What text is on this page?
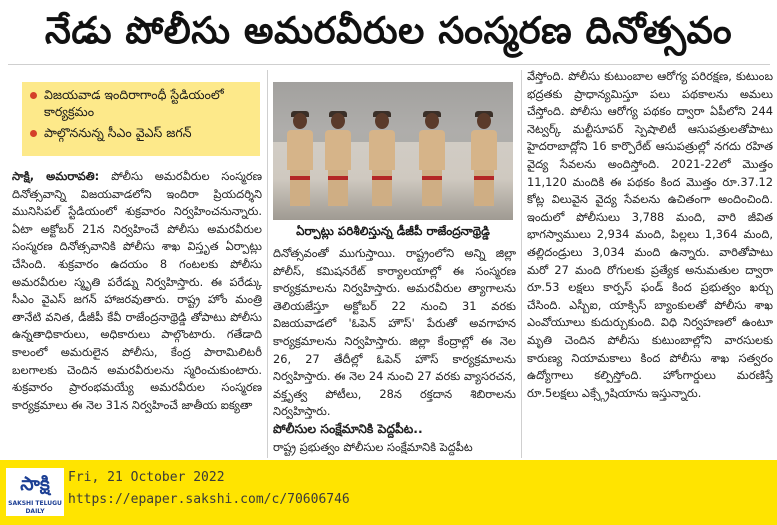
నేడు పోలీసు అమరవీరుల సంస్మరణ దినోత్సవం
విజయవాడ ఇందిరాగాంధీ స్టేడియంలో కార్యక్రమం
పాల్గొననున్న సీఎం వైఎస్ జగన్

సాక్షి, అమరావతి: పోలీసు అమరవీరుల సంస్మరణ దినోత్సవాన్ని విజయవాడలోని ఇందిరా ప్రియదర్శిని మునిసిపల్ స్టేడియంలో శుక్రవారం నిర్వహించనున్నారు. ఏటా అక్టోబర్ 21న నిర్వహించే పోలీసు అమరవీరుల సంస్మరణ దినోత్సవానికి పోలీసు శాఖ విస్తృత ఏర్పాట్లు చేసింది. శుక్రవారం ఉదయం 8 గంటలకు పోలీసు అమరవీరుల స్మృతి పరేడ్ను నిర్వహిస్తారు. ఈ పరేడ్కు సీఎం వైఎస్ జగన్ హాజరవుతారు. రాష్ట్ర హోం మంత్రి తానేటి వనిత, డీజీపీ కేవీ రాజేంద్రనాథ్రెడ్డి తోపాటు పోలీసు ఉన్నతాధికారులు, అధికారులు పాల్గొంటారు. గతేడాది కాలంలో అమరులైన పోలీసు, కేంద్ర పారామిలిటరీ బలగాలకు చెందిన అమరవీరులను స్మరించుకుంటారు. శుక్రవారం ప్రారంభమయ్యే అమరవీరుల సంస్మరణ కార్యక్రమాలు ఈ నెల 31న నిర్వహించే జాతీయ ఐక్యతా

ఏర్పాట్లు పరిశీలిస్తున్న డీజీపీ రాజేంద్రనాథ్రెడ్డి

దినోత్సవంతో ముగుస్తాయి. రాష్ట్రంలోని అన్ని జిల్లా పోలీస్, కమిషనరేట్ కార్యాలయాల్లో ఈ సంస్మరణ కార్యక్రమాలను నిర్వహిస్తారు. అమరవీరుల త్యాగాలను తెలియజేస్తూ అక్టోబర్ 22 నుంచి 31 వరకు విజయవాడలో 'ఓపెన్ హౌస్' పేరుతో అవగాహన కార్యక్రమాలను నిర్వహిస్తారు. జిల్లా కేంద్రాల్లో ఈ నెల 26, 27 తేదీల్లో ఓపెన్ హౌస్ కార్యక్రమాలను నిర్వహిస్తారు. ఈ నెల 24 నుంచి 27 వరకు వ్యాసరచన, వక్తృత్వ పోటీలు, 28న రక్తదాన శిబిరాలను నిర్వహిస్తారు.

పోలీసుల సంక్షేమానికి పెద్దపీట..

రాష్ట్ర ప్రభుత్వం పోలీసుల సంక్షేమానికి పెద్దపీట

వేస్తోంది. పోలీసు కుటుంబాల ఆరోగ్య పరిరక్షణ, కుటుంబ భద్రతకు ప్రాధాన్యమిస్తూ పలు పథకాలను అమలు చేస్తోంది. పోలీసు ఆరోగ్య పథకం ద్వారా ఏపీలోని 244 నెట్వర్క్ మల్టీసూపర్ స్పెషాలిటీ ఆసుపత్రులతోపాటు హైదరాబాద్లోని 16 కార్పొరేట్ ఆసుపత్రుల్లో నగదు రహిత వైద్య సేవలను అందిస్తోంది. 2021-22లో మొత్తం 11,120 మందికి ఈ పథకం కింద మొత్తం రూ.37.12 కోట్ల విలువైన వైద్య సేవలను ఉచితంగా అందించింది. ఇందులో పోలీసులు 3,788 మంది, వారి జీవిత భాగస్వాములు 2,934 మంది, పిల్లలు 1,364 మంది, తల్లిదండ్రులు 3,034 మంది ఉన్నారు. వారితోపాటు మరో 27 మంది రోగులకు ప్రత్యేక అనుమతుల ద్వారా రూ.53 లక్షలు కార్పస్ ఫండ్ కింద ప్రభుత్వం ఖర్చు చేసింది. ఎస్బీఐ, యాక్సిస్ బ్యాంకులతో పోలీసు శాఖ ఎంవోయూలు కుదుర్చుకుంది. విధి నిర్వహణలో ఉంటూ మృతి చెందిన పోలీసు కుటుంబాల్లోని వారసులకు కారుణ్య నియామకాలు కింద పోలీసు శాఖ సత్వరం ఉద్యోగాలు కల్పిస్తోంది. హోంగార్డులు మరణిస్తే రూ.5లక్షలు ఎక్స్గ్రేషియాను ఇస్తున్నారు.

సాక్షి
SAKSHI TELUGU DAILY
Fri, 21 October 2022
https://epaper.sakshi.com/c/70606746
